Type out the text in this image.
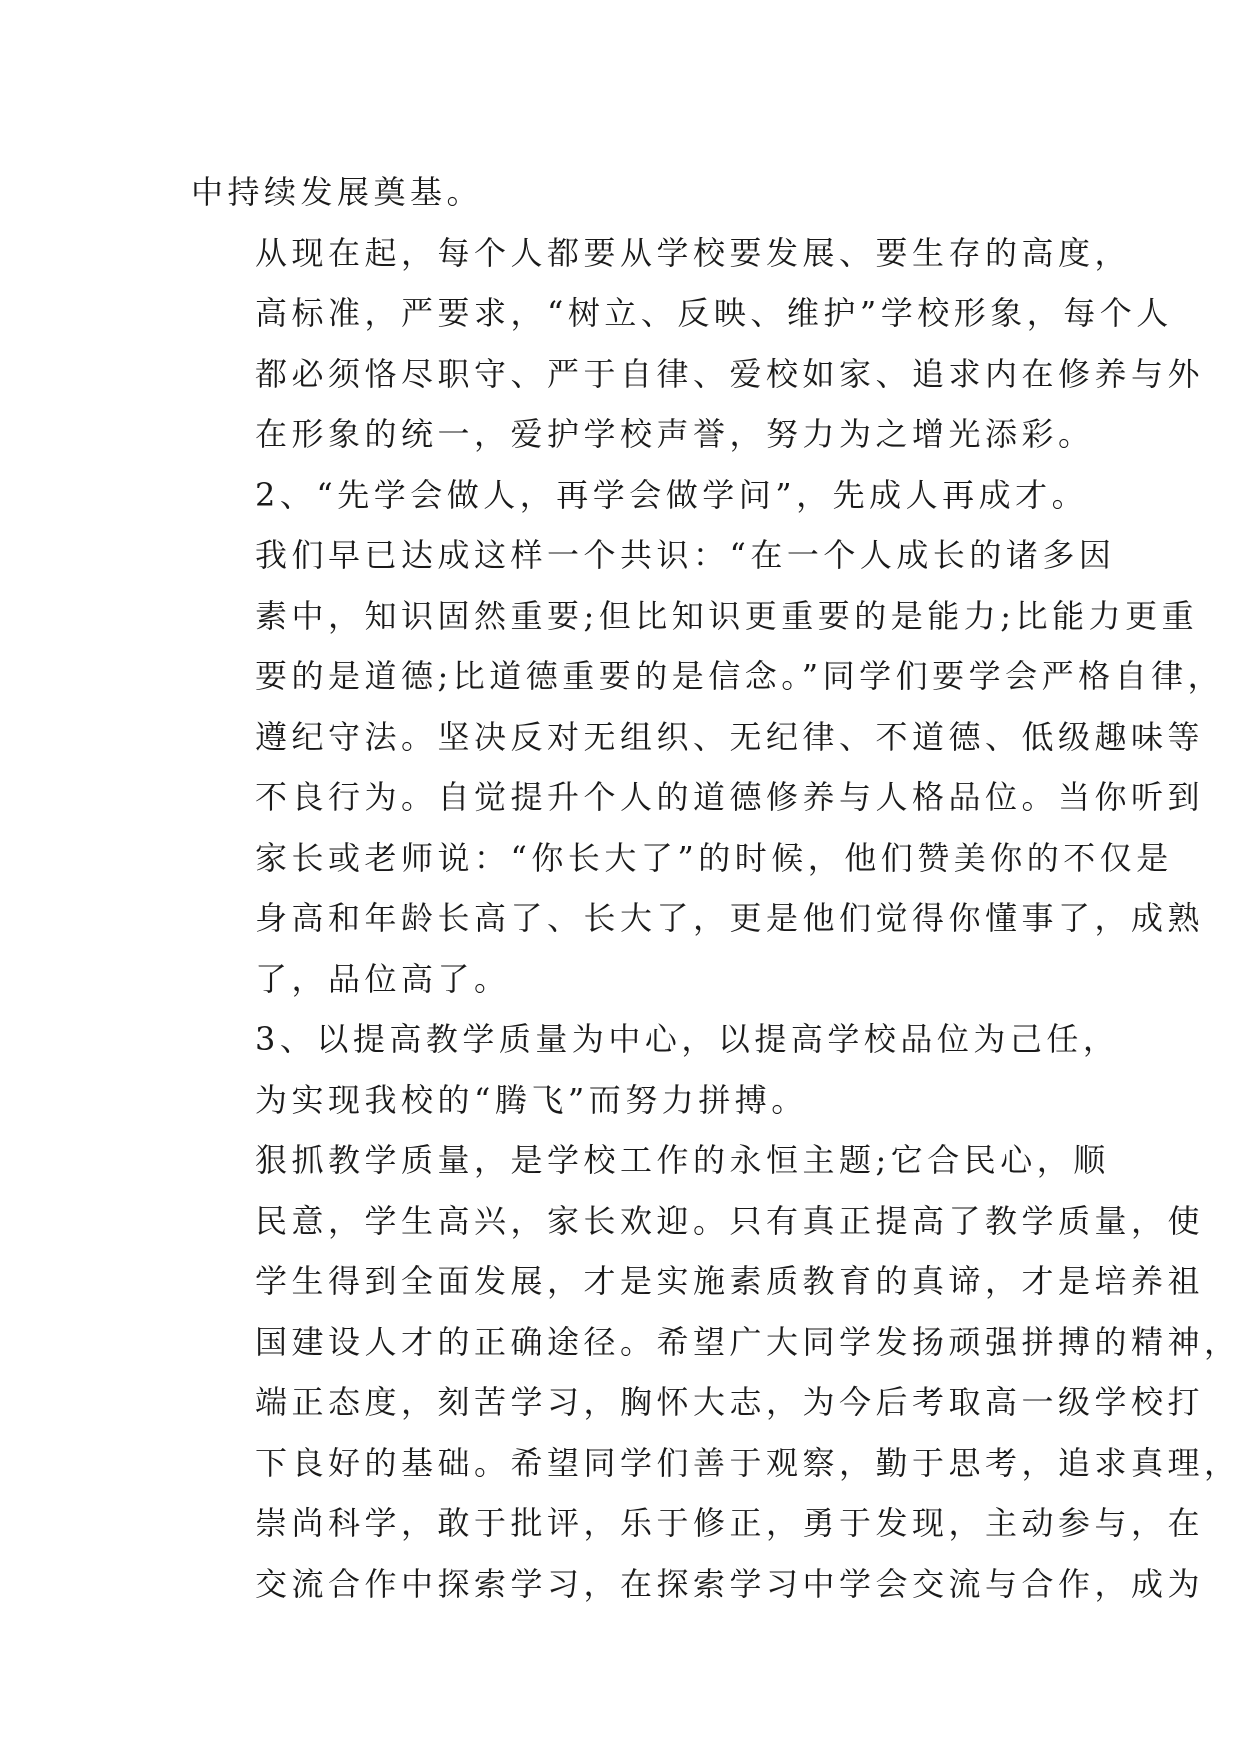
中持续发展奠基。

从现在起，每个人都要从学校要发展、要生存的高度，
高标准，严要求，“树立、反映、维护”学校形象，每个人
都必须恪尽职守、严于自律、爱校如家、追求内在修养与外
在形象的统一，爱护学校声誉，努力为之增光添彩。

2、“先学会做人，再学会做学问”，先成人再成才。

我们早已达成这样一个共识：“在一个人成长的诸多因
素中，知识固然重要;但比知识更重要的是能力;比能力更重
要的是道德;比道德重要的是信念。”同学们要学会严格自律，
遵纪守法。坚决反对无组织、无纪律、不道德、低级趣味等
不良行为。自觉提升个人的道德修养与人格品位。当你听到
家长或老师说：“你长大了”的时候，他们赞美你的不仅是
身高和年龄长高了、长大了，更是他们觉得你懂事了，成熟
了，品位高了。

3、以提高教学质量为中心，以提高学校品位为己任，
为实现我校的“腾飞”而努力拼搏。

狠抓教学质量，是学校工作的永恒主题;它合民心，顺
民意，学生高兴，家长欢迎。只有真正提高了教学质量，使
学生得到全面发展，才是实施素质教育的真谛，才是培养祖
国建设人才的正确途径。希望广大同学发扬顽强拼搏的精神，
端正态度，刻苦学习，胸怀大志，为今后考取高一级学校打
下良好的基础。希望同学们善于观察，勤于思考，追求真理，
崇尚科学，敢于批评，乐于修正，勇于发现，主动参与，在
交流合作中探索学习，在探索学习中学会交流与合作，成为
